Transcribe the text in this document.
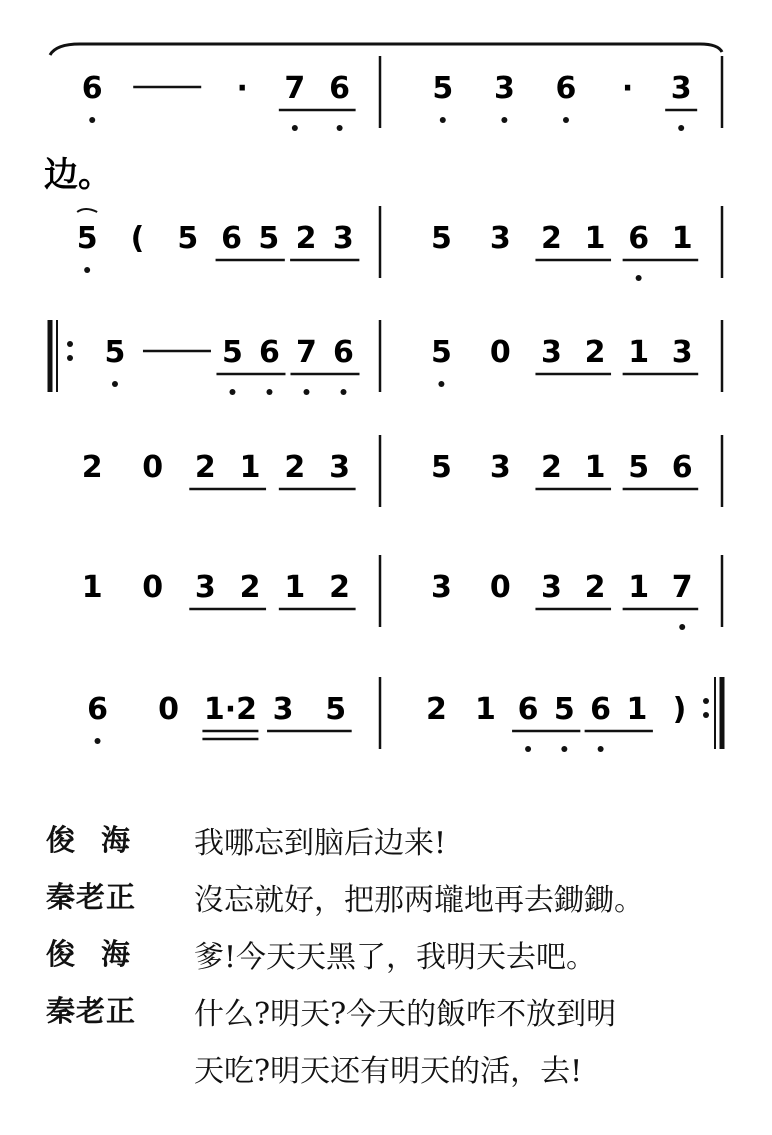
边。
6	· 7 6	5 3 6 · 3
5 ( 5 6 5 2 3	5 3 2 1 6 1
5	5 6 7 6	5 0 3 2 1 3
2 0 2 1 2 3	5 3 2 1 5 6
1 0 3 2 1 2	3 0 3 2 1 7
6 0 1·2 3 5	2 1 6 5 6 1 )
俊海 我哪忘到脑后边来!
秦老正	沒忘就好，把那两壠地再去鋤鋤。
俊海 爹!今天天黑了，我明天去吧。
秦老正	什么?明天?今天的飯咋不放到明
天吃?明天还有明天的活，去!
